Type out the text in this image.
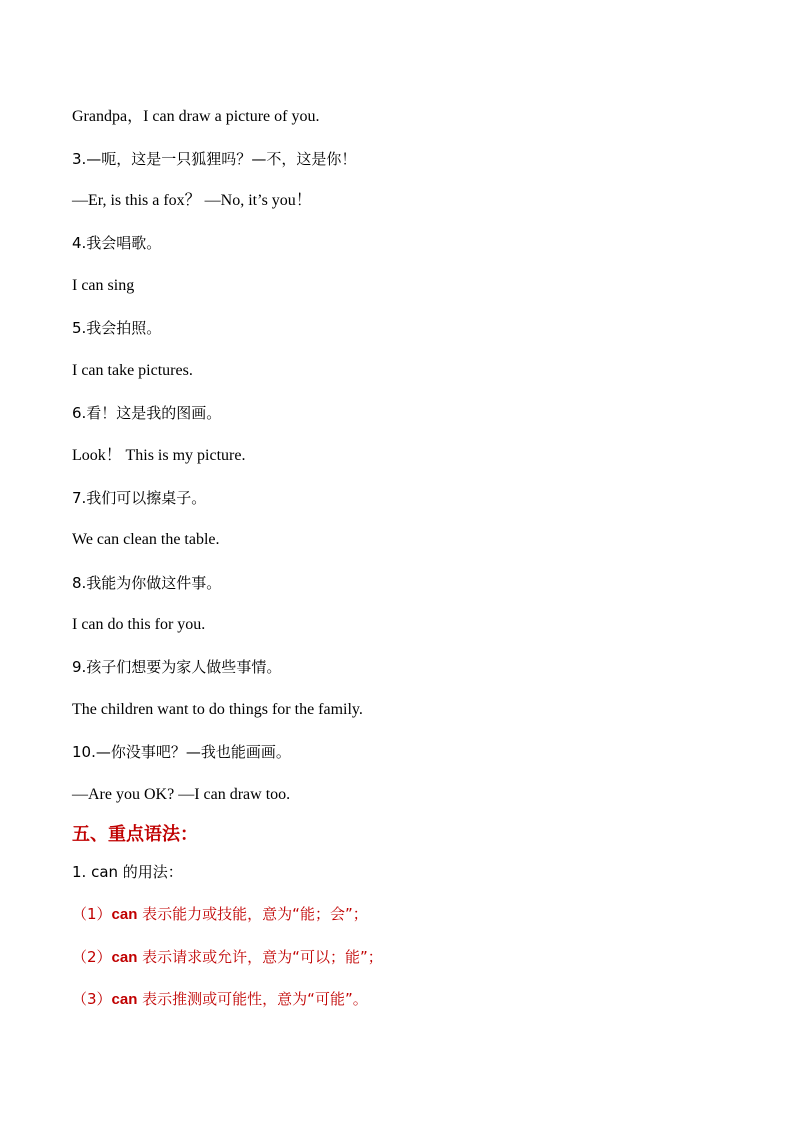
Grandpa，I can draw a picture of you.
3.—呃，这是一只狐狸吗？—不，这是你！
—Er, is this a fox？ —No, it’s you！
4.我会唱歌。
I can sing
5.我会拍照。
I can take pictures.
6.看！这是我的图画。
Look！ This is my picture.
7.我们可以擦桌子。
We can clean the table.
8.我能为你做这件事。
I can do this for you.
9.孩子们想要为家人做些事情。
The children want to do things for the family.
10.—你没事吧？—我也能画画。
—Are you OK? —I can draw too.
五、重点语法：
1. can 的用法：
（1）can 表示能力或技能，意为“能；会”；
（2）can 表示请求或允许，意为“可以；能”；
（3）can 表示推测或可能性，意为“可能”。
